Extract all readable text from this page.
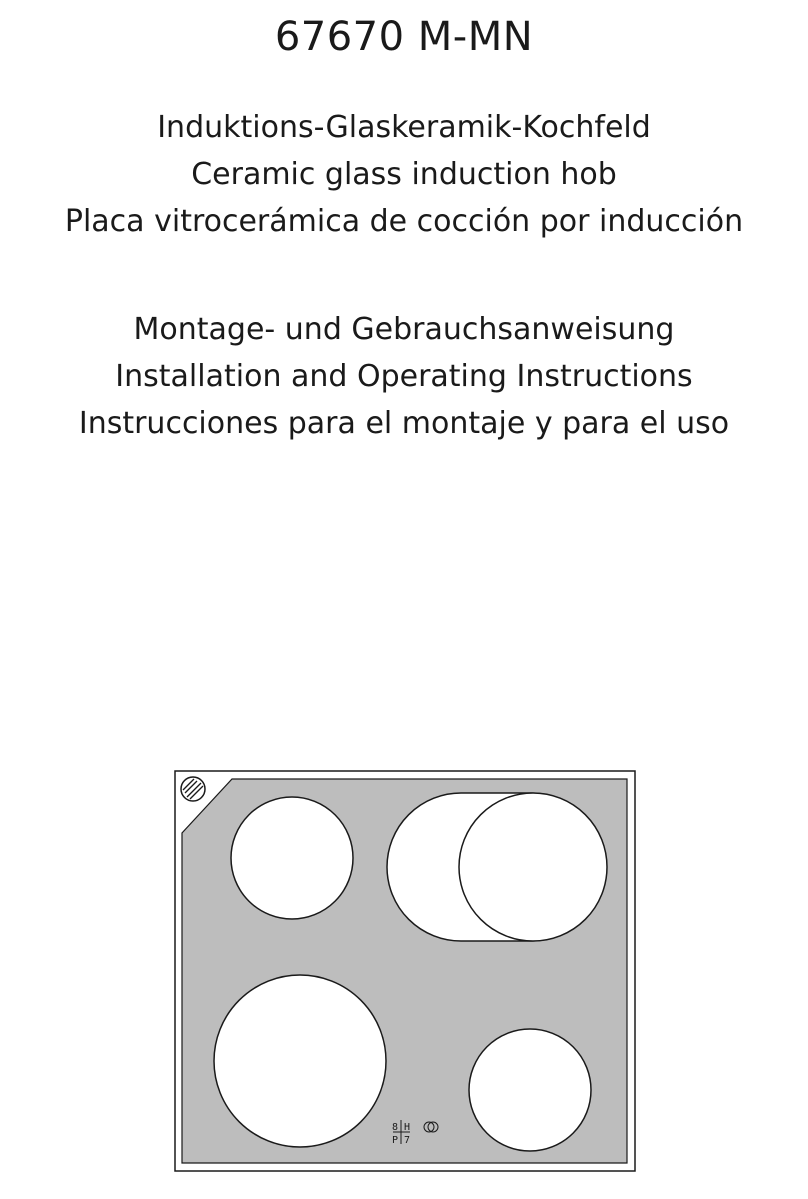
67670 M-MN
Induktions-Glaskeramik-Kochfeld
Ceramic glass induction hob
Placa vitrocerámica de cocción por inducción
Montage- und Gebrauchsanweisung
Installation and Operating Instructions
Instrucciones para el montaje y para el uso
8 H
P 7
